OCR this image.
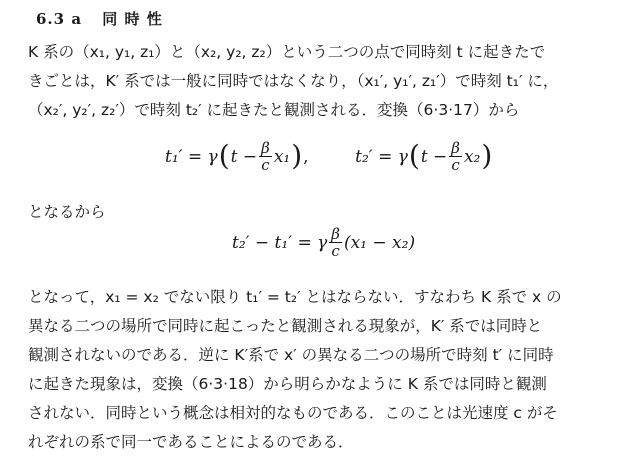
6.3 a 同 時 性
K 系の（x₁, y₁, z₁）と（x₂, y₂, z₂）という二つの点で同時刻 t に起きたで
きごとは，K′ 系では一般に同時ではなくなり，（x₁′, y₁′, z₁′）で時刻 t₁′ に，
（x₂′, y₂′, z₂′）で時刻 t₂′ に起きたと観測される．変換（6·3·17）から
t₁′ = γ ( $t - \frac{\beta}{c} x_1$ ) ,	t₂′ = γ ( $t - \frac{\beta}{c} x_2$ )
となるから
t₂′ − t₁′ = γ $\frac{\beta}{c} (x_1 - x_2)$
となって，x₁ = x₂ でない限り t₁′ = t₂′ とはならない．すなわち K 系で x の
異なる二つの場所で同時に起こったと観測される現象が，K′ 系では同時と
観測されないのである．逆に K′系で x′ の異なる二つの場所で時刻 t′ に同時
に起きた現象は，変換（6·3·18）から明らかなように K 系では同時と観測
されない．同時という概念は相対的なものである．このことは光速度 c がそ
れぞれの系で同一であることによるのである．
